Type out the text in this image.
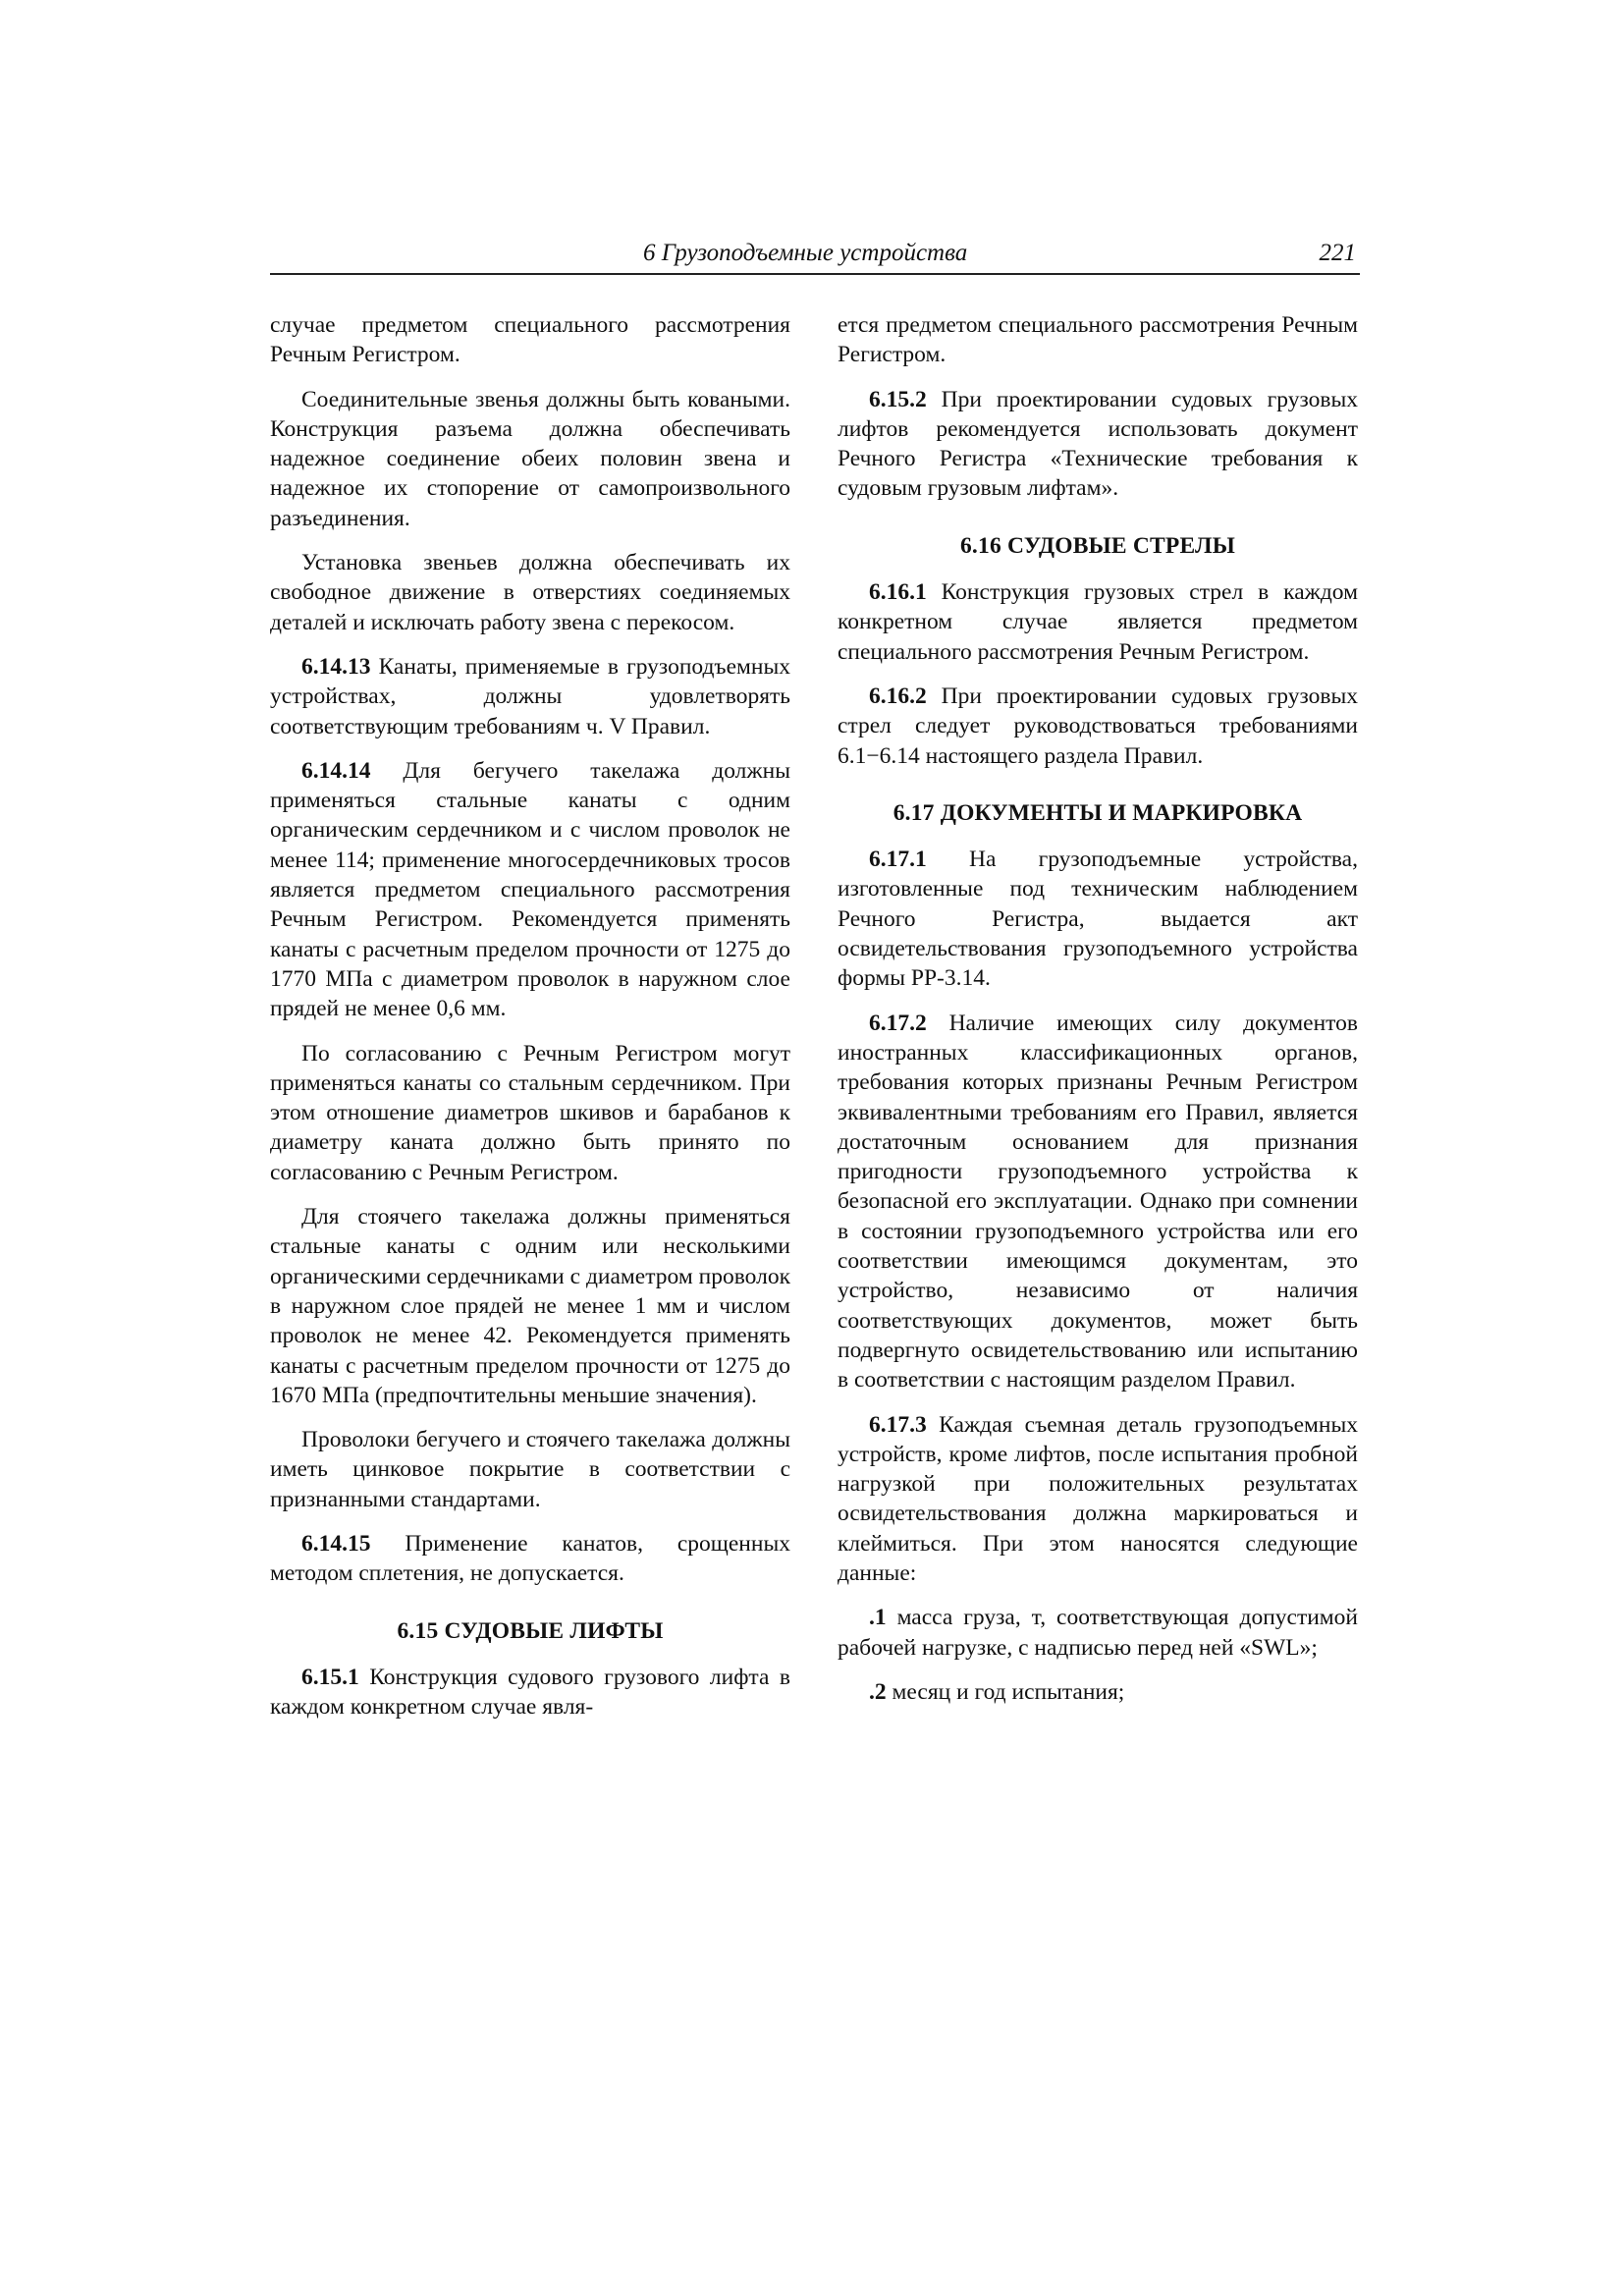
6 Грузоподъемные устройства	221

случае предметом специального рассмотрения Речным Регистром.

Соединительные звенья должны быть коваными. Конструкция разъема должна обеспечивать надежное соединение обеих половин звена и надежное их стопорение от самопроизвольного разъединения.

Установка звеньев должна обеспечивать их свободное движение в отверстиях соединяемых деталей и исключать работу звена с перекосом.

6.14.13 Канаты, применяемые в грузоподъемных устройствах, должны удовлетворять соответствующим требованиям ч. V Правил.

6.14.14 Для бегучего такелажа должны применяться стальные канаты с одним органическим сердечником и с числом проволок не менее 114; применение многосердечниковых тросов является предметом специального рассмотрения Речным Регистром. Рекомендуется применять канаты с расчетным пределом прочности от 1275 до 1770 МПа с диаметром проволок в наружном слое прядей не менее 0,6 мм.

По согласованию с Речным Регистром могут применяться канаты со стальным сердечником. При этом отношение диаметров шкивов и барабанов к диаметру каната должно быть принято по согласованию с Речным Регистром.

Для стоячего такелажа должны применяться стальные канаты с одним или несколькими органическими сердечниками с диаметром проволок в наружном слое прядей не менее 1 мм и числом проволок не менее 42. Рекомендуется применять канаты с расчетным пределом прочности от 1275 до 1670 МПа (предпочтительны меньшие значения).

Проволоки бегучего и стоячего такелажа должны иметь цинковое покрытие в соответствии с признанными стандартами.

6.14.15 Применение канатов, срощенных методом сплетения, не допускается.

6.15 СУДОВЫЕ ЛИФТЫ

6.15.1 Конструкция судового грузового лифта в каждом конкретном случае явля-

ется предметом специального рассмотрения Речным Регистром.

6.15.2 При проектировании судовых грузовых лифтов рекомендуется использовать документ Речного Регистра «Технические требования к судовым грузовым лифтам».

6.16 СУДОВЫЕ СТРЕЛЫ

6.16.1 Конструкция грузовых стрел в каждом конкретном случае является предметом специального рассмотрения Речным Регистром.

6.16.2 При проектировании судовых грузовых стрел следует руководствоваться требованиями 6.1−6.14 настоящего раздела Правил.

6.17 ДОКУМЕНТЫ И МАРКИРОВКА

6.17.1 На грузоподъемные устройства, изготовленные под техническим наблюдением Речного Регистра, выдается акт освидетельствования грузоподъемного устройства формы РР-3.14.

6.17.2 Наличие имеющих силу документов иностранных классификационных органов, требования которых признаны Речным Регистром эквивалентными требованиям его Правил, является достаточным основанием для признания пригодности грузоподъемного устройства к безопасной его эксплуатации. Однако при сомнении в состоянии грузоподъемного устройства или его соответствии имеющимся документам, это устройство, независимо от наличия соответствующих документов, может быть подвергнуто освидетельствованию или испытанию в соответствии с настоящим разделом Правил.

6.17.3 Каждая съемная деталь грузоподъемных устройств, кроме лифтов, после испытания пробной нагрузкой при положительных результатах освидетельствования должна маркироваться и клеймиться. При этом наносятся следующие данные:

.1 масса груза, т, соответствующая допустимой рабочей нагрузке, с надписью перед ней «SWL»;

.2 месяц и год испытания;
